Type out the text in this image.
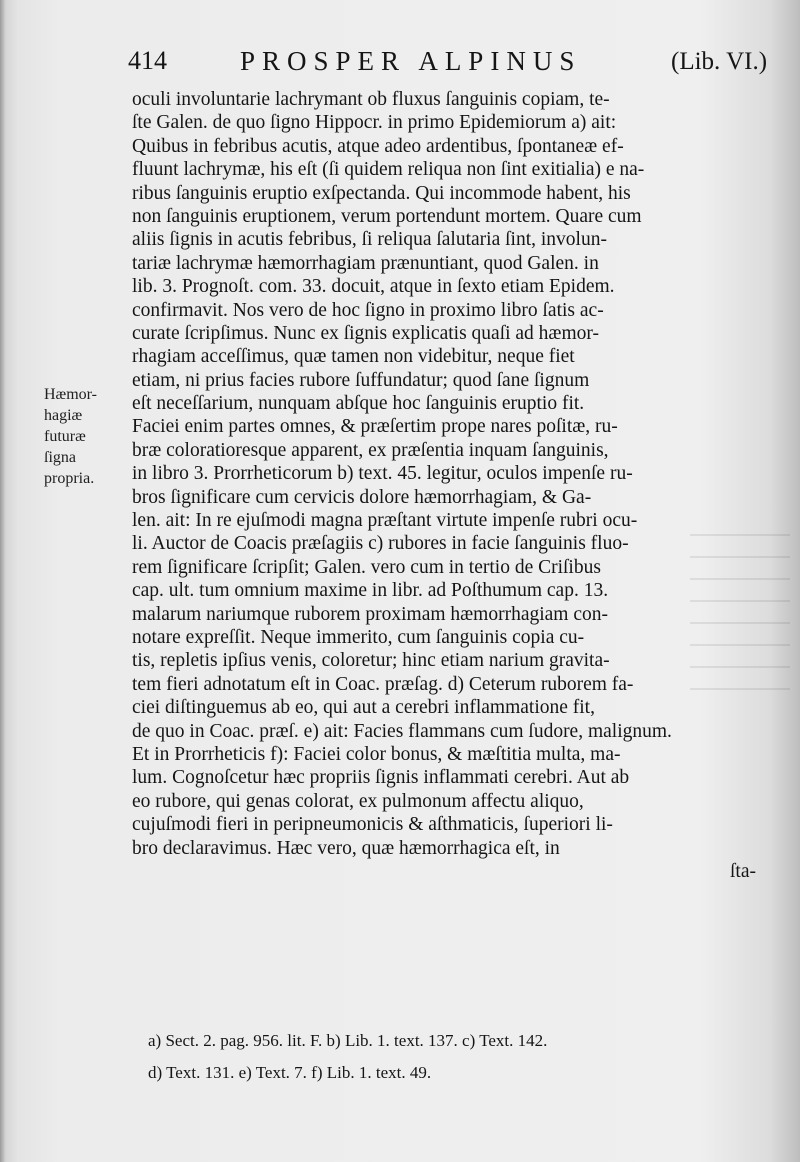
414	PROSPER ALPINUS	(Lib. VI.)
Hæmor-
hagiæ
futuræ
ſigna
propria.
oculi involuntarie lachrymant ob fluxus ſanguinis copiam, te-
ſte Galen. de quo ſigno Hippocr. in primo Epidemiorum a) ait:
Quibus in febribus acutis, atque adeo ardentibus, ſpontaneæ ef-
fluunt lachrymæ, his eſt (ſi quidem reliqua non ſint exitialia) e na-
ribus ſanguinis eruptio exſpectanda. Qui incommode habent, his
non ſanguinis eruptionem, verum portendunt mortem. Quare cum
aliis ſignis in acutis febribus, ſi reliqua ſalutaria ſint, involun-
tariæ lachrymæ hæmorrhagiam prænuntiant, quod Galen. in
lib. 3. Prognoſt. com. 33. docuit, atque in ſexto etiam Epidem.
confirmavit. Nos vero de hoc ſigno in proximo libro ſatis ac-
curate ſcripſimus. Nunc ex ſignis explicatis quaſi ad hæmor-
rhagiam acceſſimus, quæ tamen non videbitur, neque fiet
etiam, ni prius facies rubore ſuffundatur; quod ſane ſignum
eſt neceſſarium, nunquam abſque hoc ſanguinis eruptio fit.
Faciei enim partes omnes, & præſertim prope nares poſitæ, ru-
bræ coloratioresque apparent, ex præſentia inquam ſanguinis,
in libro 3. Prorrheticorum b) text. 45. legitur, oculos impenſe ru-
bros ſignificare cum cervicis dolore hæmorrhagiam, & Ga-
len. ait: In re ejuſmodi magna præſtant virtute impenſe rubri ocu-
li. Auctor de Coacis præſagiis c) rubores in facie ſanguinis fluo-
rem ſignificare ſcripſit; Galen. vero cum in tertio de Criſibus
cap. ult. tum omnium maxime in libr. ad Poſthumum cap. 13.
malarum nariumque ruborem proximam hæmorrhagiam con-
notare expreſſit. Neque immerito, cum ſanguinis copia cu-
tis, repletis ipſius venis, coloretur; hinc etiam narium gravita-
tem fieri adnotatum eſt in Coac. præſag. d) Ceterum ruborem fa-
ciei diſtinguemus ab eo, qui aut a cerebri inflammatione fit,
de quo in Coac. præſ. e) ait: Facies flammans cum ſudore, malignum.
Et in Prorrheticis f): Faciei color bonus, & mæſtitia multa, ma-
lum. Cognoſcetur hæc propriis ſignis inflammati cerebri. Aut ab
eo rubore, qui genas colorat, ex pulmonum affectu aliquo,
cujuſmodi fieri in peripneumonicis & aſthmaticis, ſuperiori li-
bro declaravimus. Hæc vero, quæ hæmorrhagica eſt, in
ſta-
a) Sect. 2. pag. 956. lit. F. b) Lib. 1. text. 137. c) Text. 142.
d) Text. 131. e) Text. 7. f) Lib. 1. text. 49.
